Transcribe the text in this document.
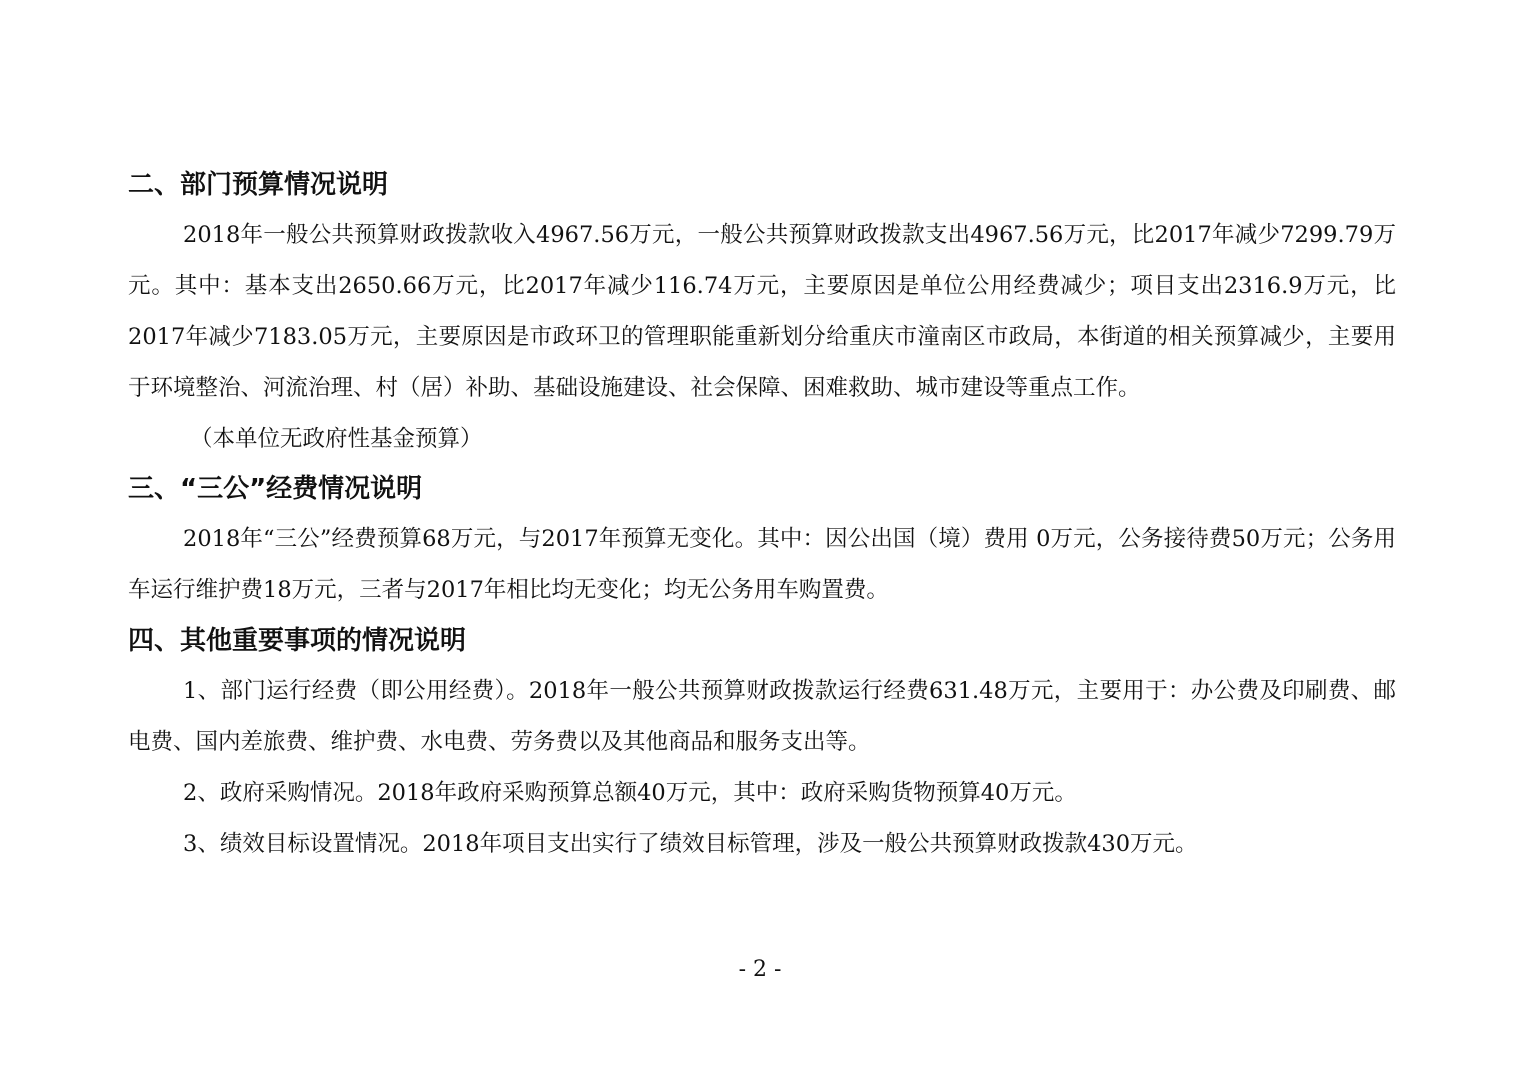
二、部门预算情况说明

2018年一般公共预算财政拨款收入4967.56万元，一般公共预算财政拨款支出4967.56万元，比2017年减少7299.79万元。其中：基本支出2650.66万元，比2017年减少116.74万元，主要原因是单位公用经费减少；项目支出2316.9万元，比2017年减少7183.05万元，主要原因是市政环卫的管理职能重新划分给重庆市潼南区市政局，本街道的相关预算减少，主要用于环境整治、河流治理、村（居）补助、基础设施建设、社会保障、困难救助、城市建设等重点工作。

（本单位无政府性基金预算）

三、“三公”经费情况说明

2018年“三公”经费预算68万元，与2017年预算无变化。其中：因公出国（境）费用 0万元，公务接待费50万元；公务用车运行维护费18万元，三者与2017年相比均无变化；均无公务用车购置费。

四、其他重要事项的情况说明

1、部门运行经费（即公用经费）。2018年一般公共预算财政拨款运行经费631.48万元，主要用于：办公费及印刷费、邮电费、国内差旅费、维护费、水电费、劳务费以及其他商品和服务支出等。

2、政府采购情况。2018年政府采购预算总额40万元，其中：政府采购货物预算40万元。

3、绩效目标设置情况。2018年项目支出实行了绩效目标管理，涉及一般公共预算财政拨款430万元。

- 2 -
